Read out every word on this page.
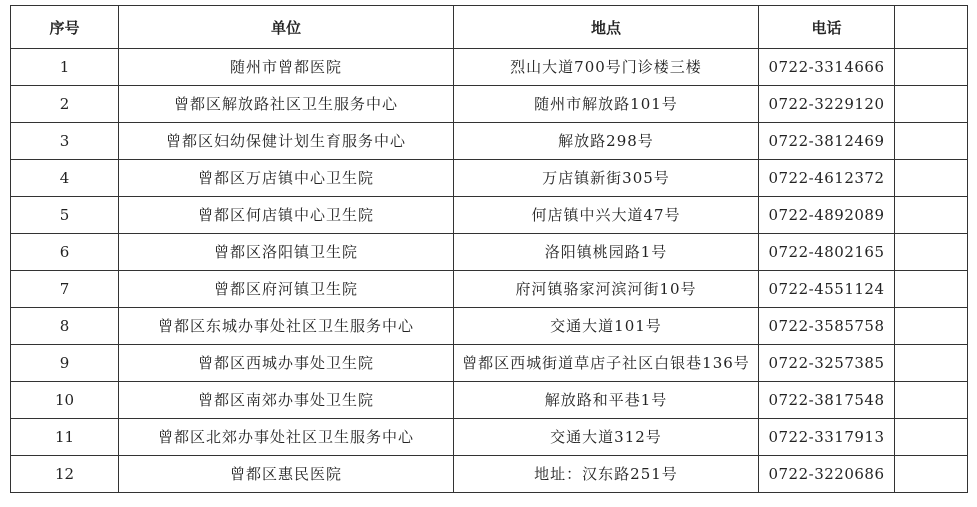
序号	单位	地点	电话	
1	随州市曾都医院	烈山大道700号门诊楼三楼	0722-3314666	
2	曾都区解放路社区卫生服务中心	随州市解放路101号	0722-3229120	
3	曾都区妇幼保健计划生育服务中心	解放路298号	0722-3812469	
4	曾都区万店镇中心卫生院	万店镇新街305号	0722-4612372	
5	曾都区何店镇中心卫生院	何店镇中兴大道47号	0722-4892089	
6	曾都区洛阳镇卫生院	洛阳镇桃园路1号	0722-4802165	
7	曾都区府河镇卫生院	府河镇骆家河滨河街10号	0722-4551124	
8	曾都区东城办事处社区卫生服务中心	交通大道101号	0722-3585758	
9	曾都区西城办事处卫生院	曾都区西城街道草店子社区白银巷136号	0722-3257385	
10	曾都区南郊办事处卫生院	解放路和平巷1号	0722-3817548	
11	曾都区北郊办事处社区卫生服务中心	交通大道312号	0722-3317913	
12	曾都区惠民医院	地址：汉东路251号	0722-3220686	
